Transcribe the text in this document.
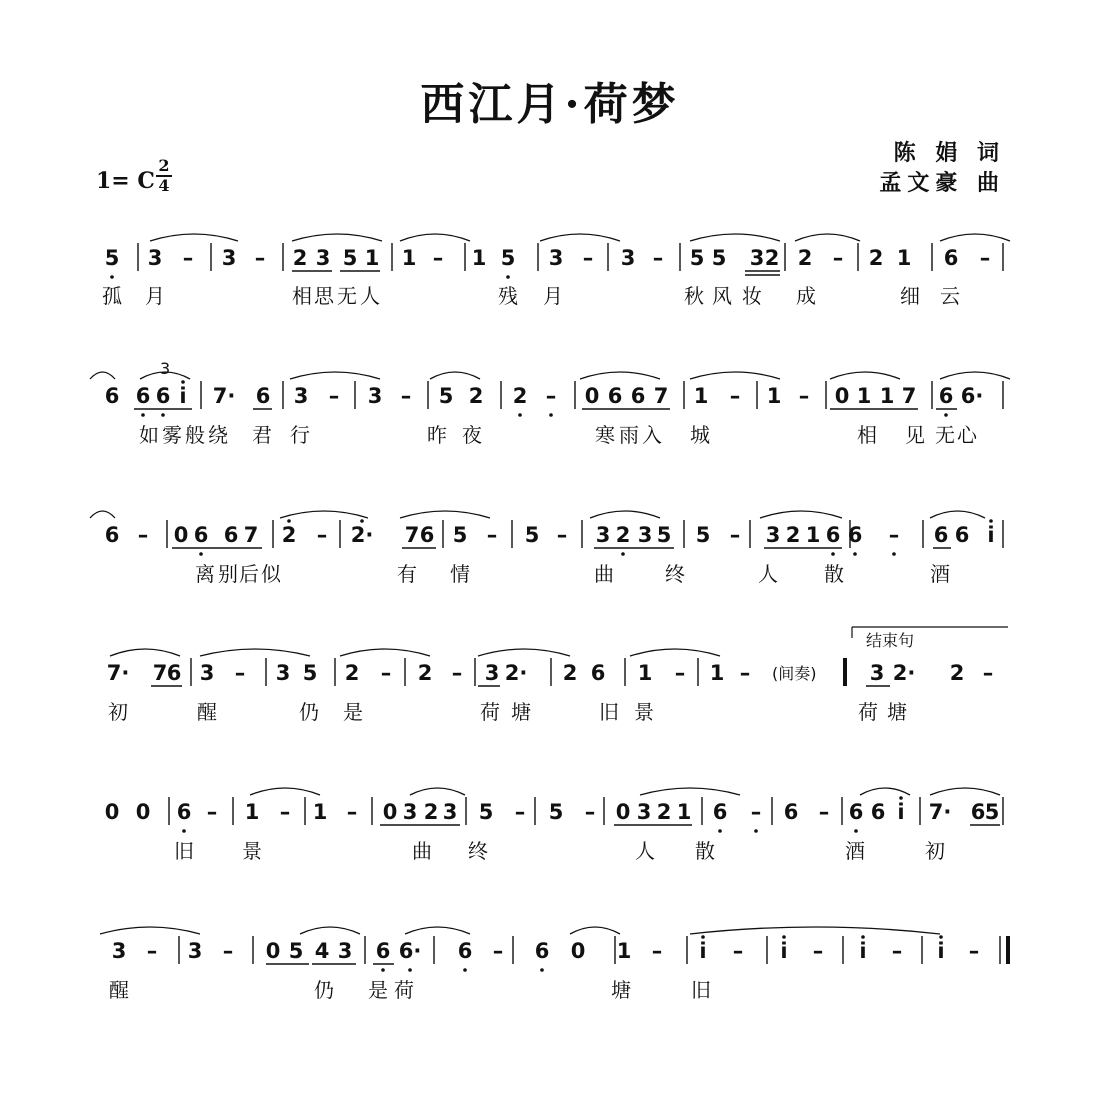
西江月·荷梦
陈 娟 词
孟文豪 曲
1= C
2
4
3
结束句
(间奏)
5 3 – 3 – 2 3 5 1 1 – 1 5 3 – 3 – 5 5 3 2 2 – 2 1 6 –
孤 月	相 思 无 人	残 月	秋 风 妆 成	细 云
6 6 6 i 7· 6 3 – 3 – 5 2 2 – 0 6 6 7 1 – 1 – 0 1 1 7 6 6·
如 雾 般 绕 君 行	昨 夜	寒 雨 入 城	相 见 无 心
6 – 0 6 6 7 2 – 2· 7 6 5 – 5 – 3 2 3 5 5 – 3 2 1 6 6 – 6 6 i
离 别 后 似	有 情	曲	终	人 散	酒
7· 7 6 3 – 3 5 2 – 2 – 3 2· 2 6 1 – 1 –	3 2· 2 –
初	醒	仍 是	荷 塘	旧 景	荷 塘
0 0 6 – 1 – 1 – 0 3 2 3 5 – 5 – 0 3 2 1 6 – 6 – 6 6 i 7· 6 5
旧 景	曲 终	人 散	酒	初
3 – 3 – 0 5 4 3 6 6· 6 – 6 0 1 – i – i – i – i –
醒	仍 是 荷	塘	旧
